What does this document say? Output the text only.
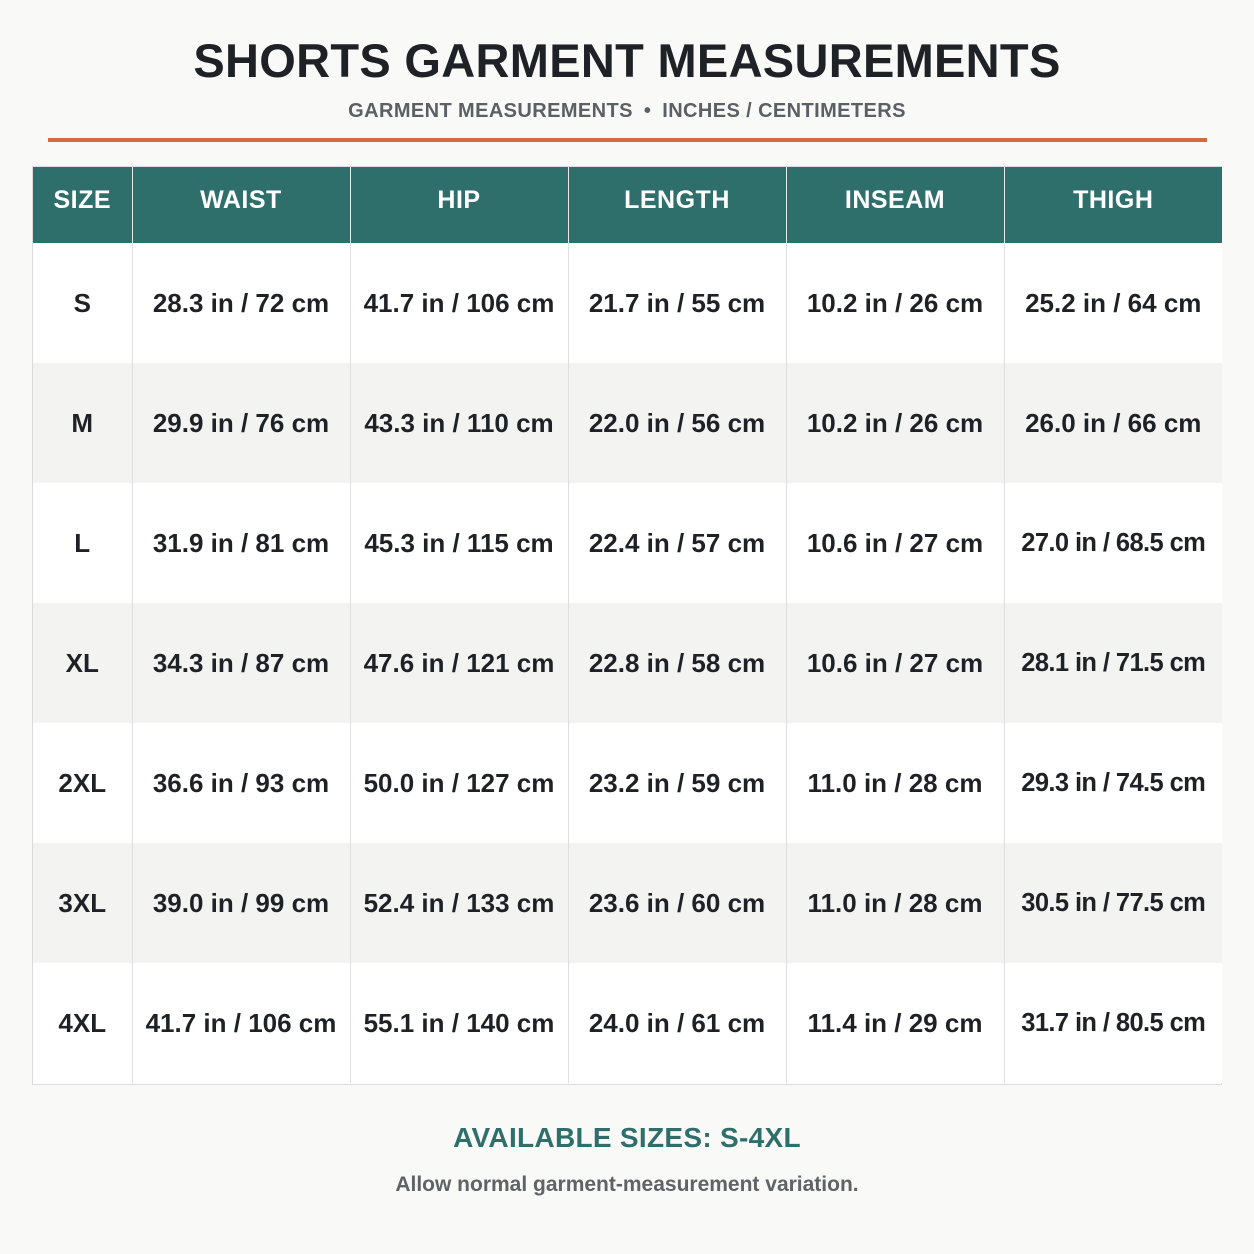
SHORTS GARMENT MEASUREMENTS
GARMENT MEASUREMENTS • INCHES / CENTIMETERS
SIZE	WAIST	HIP	LENGTH	INSEAM	THIGH
S	28.3 in / 72 cm	41.7 in / 106 cm	21.7 in / 55 cm	10.2 in / 26 cm	25.2 in / 64 cm
M	29.9 in / 76 cm	43.3 in / 110 cm	22.0 in / 56 cm	10.2 in / 26 cm	26.0 in / 66 cm
L	31.9 in / 81 cm	45.3 in / 115 cm	22.4 in / 57 cm	10.6 in / 27 cm	27.0 in / 68.5 cm
XL	34.3 in / 87 cm	47.6 in / 121 cm	22.8 in / 58 cm	10.6 in / 27 cm	28.1 in / 71.5 cm
2XL	36.6 in / 93 cm	50.0 in / 127 cm	23.2 in / 59 cm	11.0 in / 28 cm	29.3 in / 74.5 cm
3XL	39.0 in / 99 cm	52.4 in / 133 cm	23.6 in / 60 cm	11.0 in / 28 cm	30.5 in / 77.5 cm
4XL	41.7 in / 106 cm	55.1 in / 140 cm	24.0 in / 61 cm	11.4 in / 29 cm	31.7 in / 80.5 cm
AVAILABLE SIZES: S-4XL
Allow normal garment-measurement variation.
